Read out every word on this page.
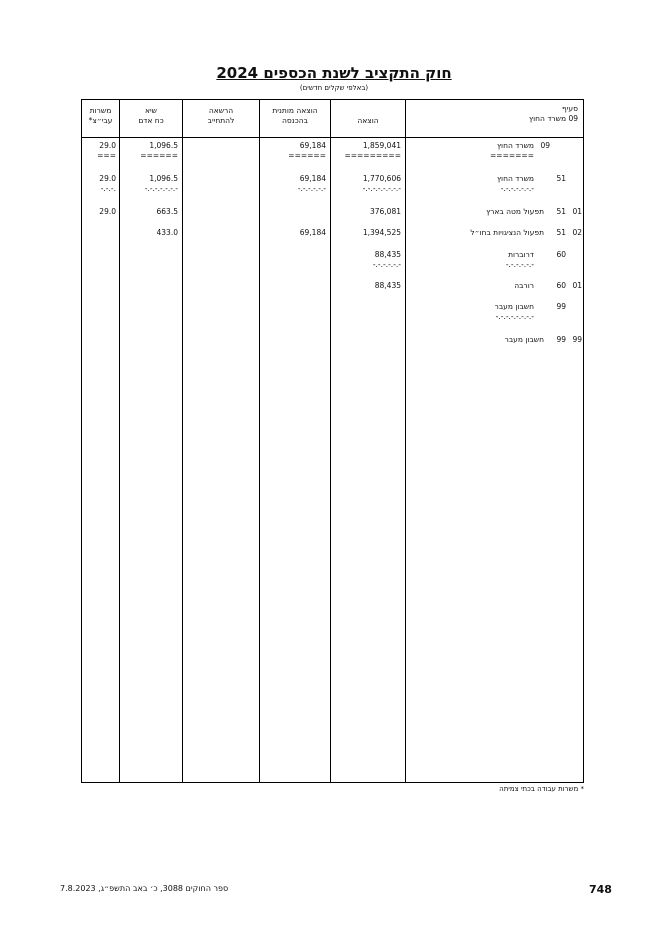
חוק התקציב לשנת הכספים 2024
(באלפי שקלים חדשים)
סעיף
09 משרד החוץ
הוצאה
הוצאה מותנית
בהכנסה
הרשאה
להתחייב
שיא
כח אדם
משרות
עבי״צ*
09
משרד החוץ
=======
1,859,041
=========
69,184
======
1,096.5
======
29.0
===
51
משרד החוץ
-.-.-.-.-.-.-
1,770,606
-.-.-.-.-.-.-.-
69,184
-.-.-.-.-.-
1,096.5
-.-.-.-.-.-.-
29.0
-.-.-.
01
51
תפעול מטה בארץ
376,081
663.5
29.0
02
51
תפעול הנציגויות בחו״ל
1,394,525
69,184
433.0
60
דרוברות
-.-.-.-.-.-
88,435
-.-.-.-.-.-
01
60
רורבה
88,435
99
חשבון מעבר
-.-.-.-.-.-.-.-
99
99
חשבון מעבר
* משרות עבודה בכתי צמיתה
ספר החוקים 3088, כ׳ באב התשפ״ג, 7.8.2023	748
